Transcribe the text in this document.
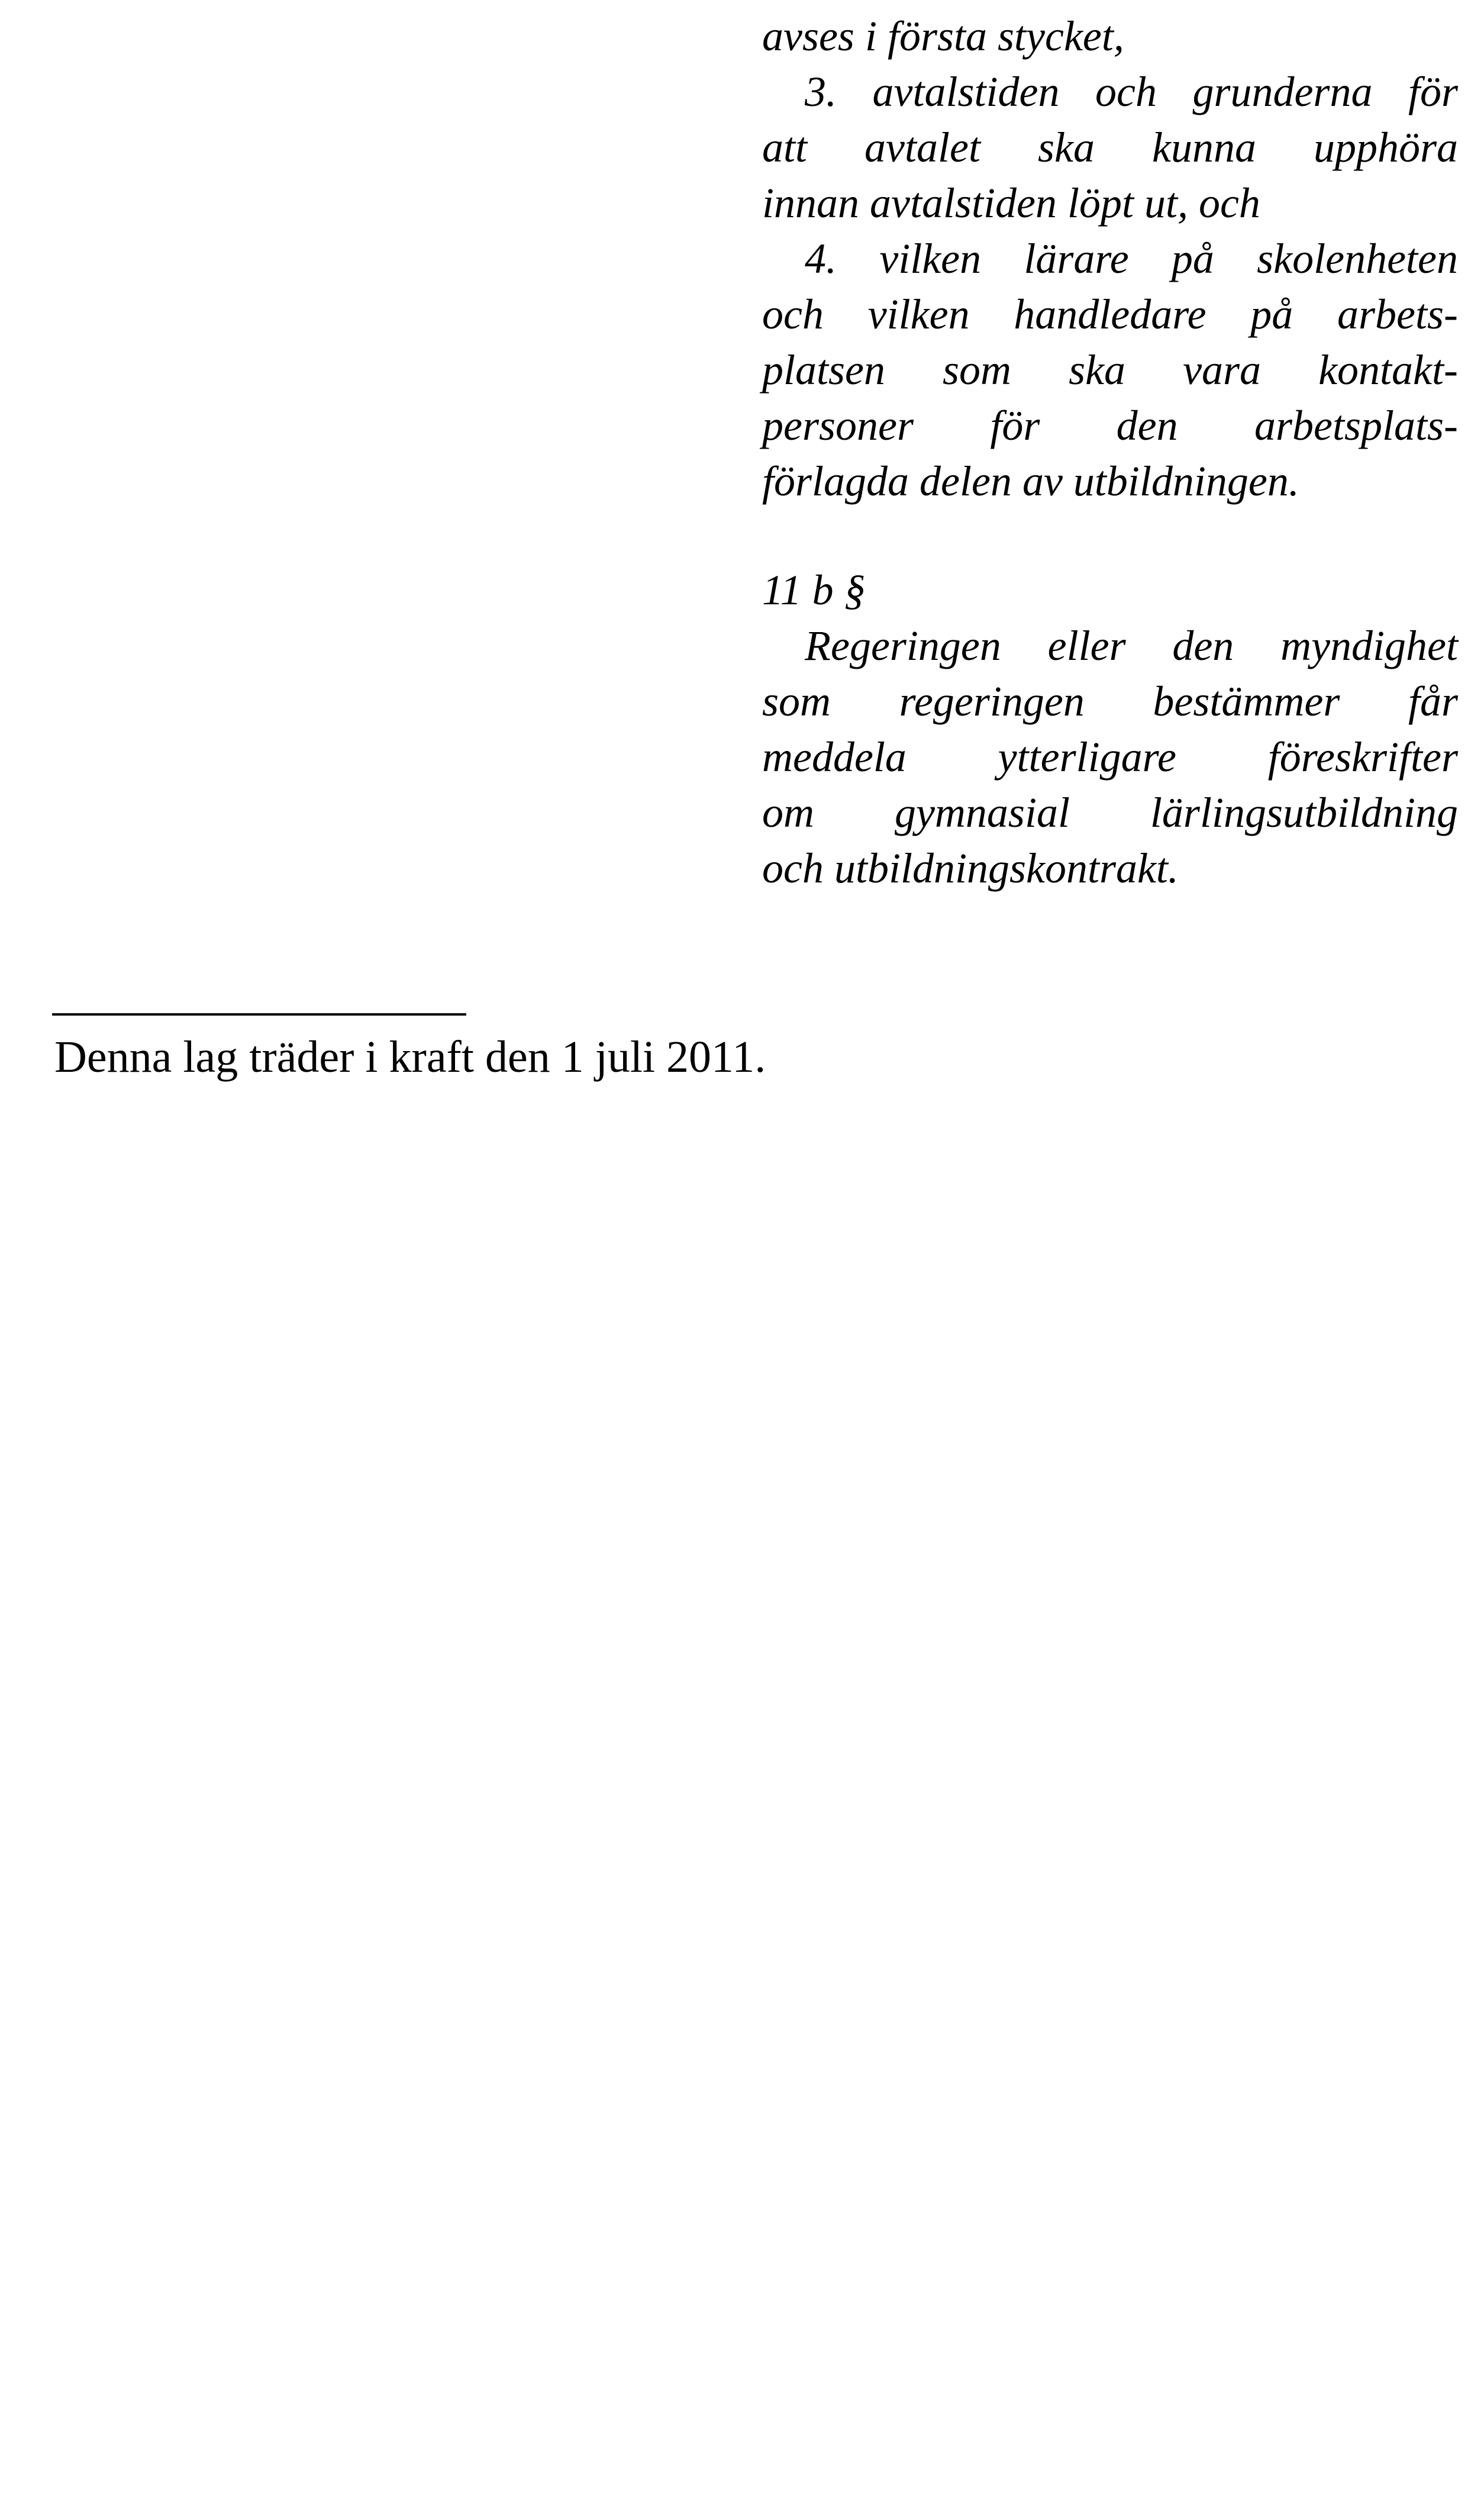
avses i första stycket,
3. avtalstiden och grunderna för
att avtalet ska kunna upphöra
innan avtalstiden löpt ut, och
4. vilken lärare på skolenheten
och vilken handledare på arbets-
platsen som ska vara kontakt-
personer för den arbetsplats-
förlagda delen av utbildningen.
11 b §
Regeringen eller den myndighet
som regeringen bestämmer får
meddela ytterligare föreskrifter
om gymnasial lärlingsutbildning
och utbildningskontrakt.
Denna lag träder i kraft den 1 juli 2011.
